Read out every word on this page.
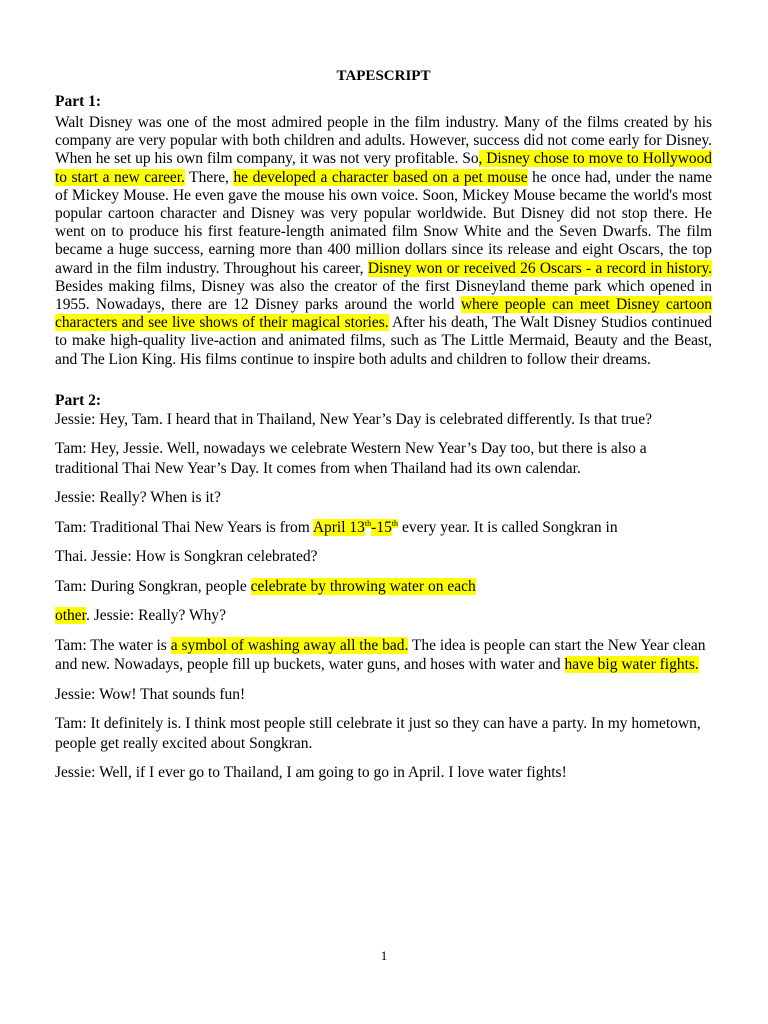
TAPESCRIPT
Part 1:

Walt Disney was one of the most admired people in the film industry. Many of the films created by his company are very popular with both children and adults. However, success did not come early for Disney. When he set up his own film company, it was not very profitable. So, Disney chose to move to Hollywood to start a new career. There, he developed a character based on a pet mouse he once had, under the name of Mickey Mouse. He even gave the mouse his own voice. Soon, Mickey Mouse became the world's most popular cartoon character and Disney was very popular worldwide. But Disney did not stop there. He went on to produce his first feature-length animated film Snow White and the Seven Dwarfs. The film became a huge success, earning more than 400 million dollars since its release and eight Oscars, the top award in the film industry. Throughout his career, Disney won or received 26 Oscars - a record in history. Besides making films, Disney was also the creator of the first Disneyland theme park which opened in 1955. Nowadays, there are 12 Disney parks around the world where people can meet Disney cartoon characters and see live shows of their magical stories. After his death, The Walt Disney Studios continued to make high-quality live-action and animated films, such as The Little Mermaid, Beauty and the Beast, and The Lion King. His films continue to inspire both adults and children to follow their dreams.

Part 2:

Jessie: Hey, Tam. I heard that in Thailand, New Year’s Day is celebrated differently. Is that true?

Tam: Hey, Jessie. Well, nowadays we celebrate Western New Year’s Day too, but there is also a traditional Thai New Year’s Day. It comes from when Thailand had its own calendar.

Jessie: Really? When is it?

Tam: Traditional Thai New Years is from April 13th-15th every year. It is called Songkran in

Thai. Jessie: How is Songkran celebrated?

Tam: During Songkran, people celebrate by throwing water on each

other. Jessie: Really? Why?

Tam: The water is a symbol of washing away all the bad. The idea is people can start the New Year clean and new. Nowadays, people fill up buckets, water guns, and hoses with water and have big water fights.

Jessie: Wow! That sounds fun!

Tam: It definitely is. I think most people still celebrate it just so they can have a party. In my hometown, people get really excited about Songkran.

Jessie: Well, if I ever go to Thailand, I am going to go in April. I love water fights!

1
